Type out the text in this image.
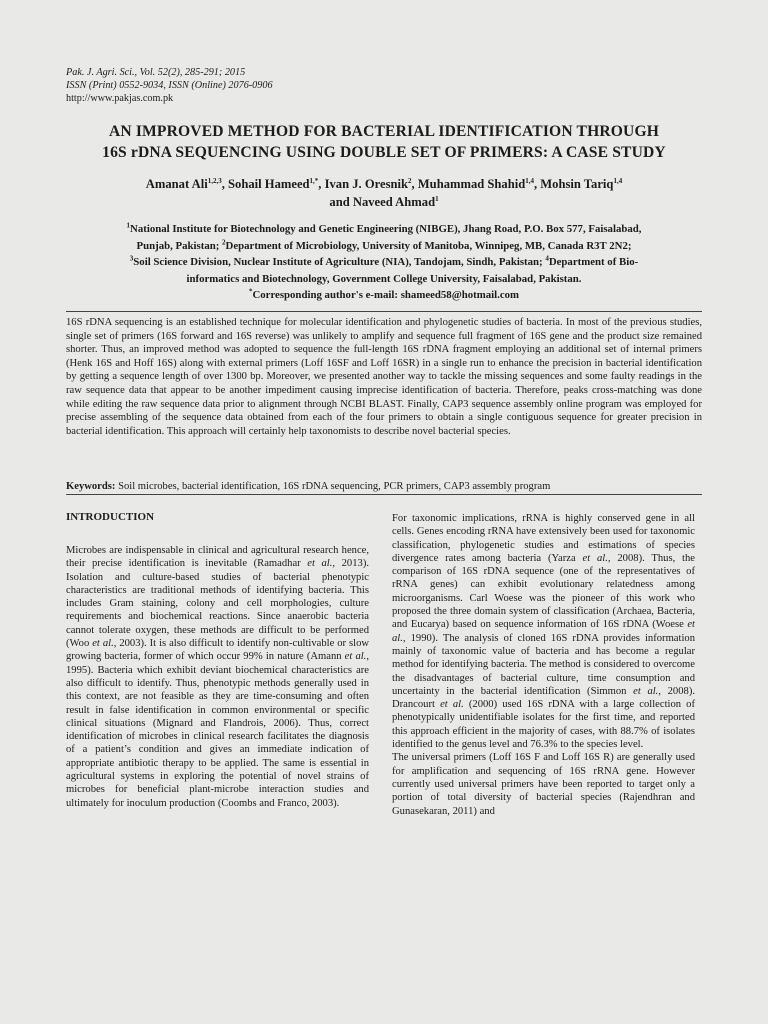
Pak. J. Agri. Sci., Vol. 52(2), 285-291; 2015
ISSN (Print) 0552-9034, ISSN (Online) 2076-0906
http://www.pakjas.com.pk
AN IMPROVED METHOD FOR BACTERIAL IDENTIFICATION THROUGH
16S rDNA SEQUENCING USING DOUBLE SET OF PRIMERS: A CASE STUDY
Amanat Ali$^{1,2,3}$, Sohail Hameed$^{1,*}$, Ivan J. Oresnik$^2$, Muhammad Shahid$^{1,4}$, Mohsin Tariq$^{1,4}$
and Naveed Ahmad$^1$
$^1$National Institute for Biotechnology and Genetic Engineering (NIBGE), Jhang Road, P.O. Box 577, Faisalabad,
Punjab, Pakistan; $^2$Department of Microbiology, University of Manitoba, Winnipeg, MB, Canada R3T 2N2;
$^3$Soil Science Division, Nuclear Institute of Agriculture (NIA), Tandojam, Sindh, Pakistan; $^4$Department of Bio-
informatics and Biotechnology, Government College University, Faisalabad, Pakistan.
*Corresponding author's e-mail: shameed58@hotmail.com
16S rDNA sequencing is an established technique for molecular identification and phylogenetic studies of bacteria. In most of the previous studies, single set of primers (16S forward and 16S reverse) was unlikely to amplify and sequence full fragment of 16S gene and the product size remained shorter. Thus, an improved method was adopted to sequence the full-length 16S rDNA fragment employing an additional set of internal primers (Henk 16S and Hoff 16S) along with external primers (Loff 16SF and Loff 16SR) in a single run to enhance the precision in bacterial identification by getting a sequence length of over 1300 bp. Moreover, we presented another way to tackle the missing sequences and some faulty readings in the raw sequence data that appear to be another impediment causing imprecise identification of bacteria. Therefore, peaks cross-matching was done while editing the raw sequence data prior to alignment through NCBI BLAST. Finally, CAP3 sequence assembly online program was employed for precise assembling of the sequence data obtained from each of the four primers to obtain a single contiguous sequence for greater precision in bacterial identification. This approach will certainly help taxonomists to describe novel bacterial species.
Keywords: Soil microbes, bacterial identification, 16S rDNA sequencing, PCR primers, CAP3 assembly program
INTRODUCTION

Microbes are indispensable in clinical and agricultural research hence, their precise identification is inevitable (Ramadhar et al., 2013). Isolation and culture-based studies of bacterial phenotypic characteristics are traditional methods of identifying bacteria. This includes Gram staining, colony and cell morphologies, culture requirements and biochemical reactions. Since anaerobic bacteria cannot tolerate oxygen, these methods are difficult to be performed (Woo et al., 2003). It is also difficult to identify non-cultivable or slow growing bacteria, former of which occur 99% in nature (Amann et al., 1995). Bacteria which exhibit deviant biochemical characteristics are also difficult to identify. Thus, phenotypic methods generally used in this context, are not feasible as they are time-consuming and often result in false identification in common environmental or specific clinical situations (Mignard and Flandrois, 2006). Thus, correct identification of microbes in clinical research facilitates the diagnosis of a patient’s condition and gives an immediate indication of appropriate antibiotic therapy to be applied. The same is essential in agricultural systems in exploring the potential of novel strains of microbes for beneficial plant-microbe interaction studies and ultimately for inoculum production (Coombs and Franco, 2003).

For taxonomic implications, rRNA is highly conserved gene in all cells. Genes encoding rRNA have extensively been used for taxonomic classification, phylogenetic studies and estimations of species divergence rates among bacteria (Yarza et al., 2008). Thus, the comparison of 16S rDNA sequence (one of the representatives of rRNA genes) can exhibit evolutionary relatedness among microorganisms. Carl Woese was the pioneer of this work who proposed the three domain system of classification (Archaea, Bacteria, and Eucarya) based on sequence information of 16S rDNA (Woese et al., 1990). The analysis of cloned 16S rDNA provides information mainly of taxonomic value of bacteria and has become a regular method for identifying bacteria. The method is considered to overcome the disadvantages of bacterial culture, time consumption and uncertainty in the bacterial identification (Simmon et al., 2008). Drancourt et al. (2000) used 16S rDNA with a large collection of phenotypically unidentifiable isolates for the first time, and reported this approach efficient in the majority of cases, with 88.7% of isolates identified to the genus level and 76.3% to the species level.

The universal primers (Loff 16S F and Loff 16S R) are generally used for amplification and sequencing of 16S rRNA gene. However currently used universal primers have been reported to target only a portion of total diversity of bacterial species (Rajendhran and Gunasekaran, 2011) and
